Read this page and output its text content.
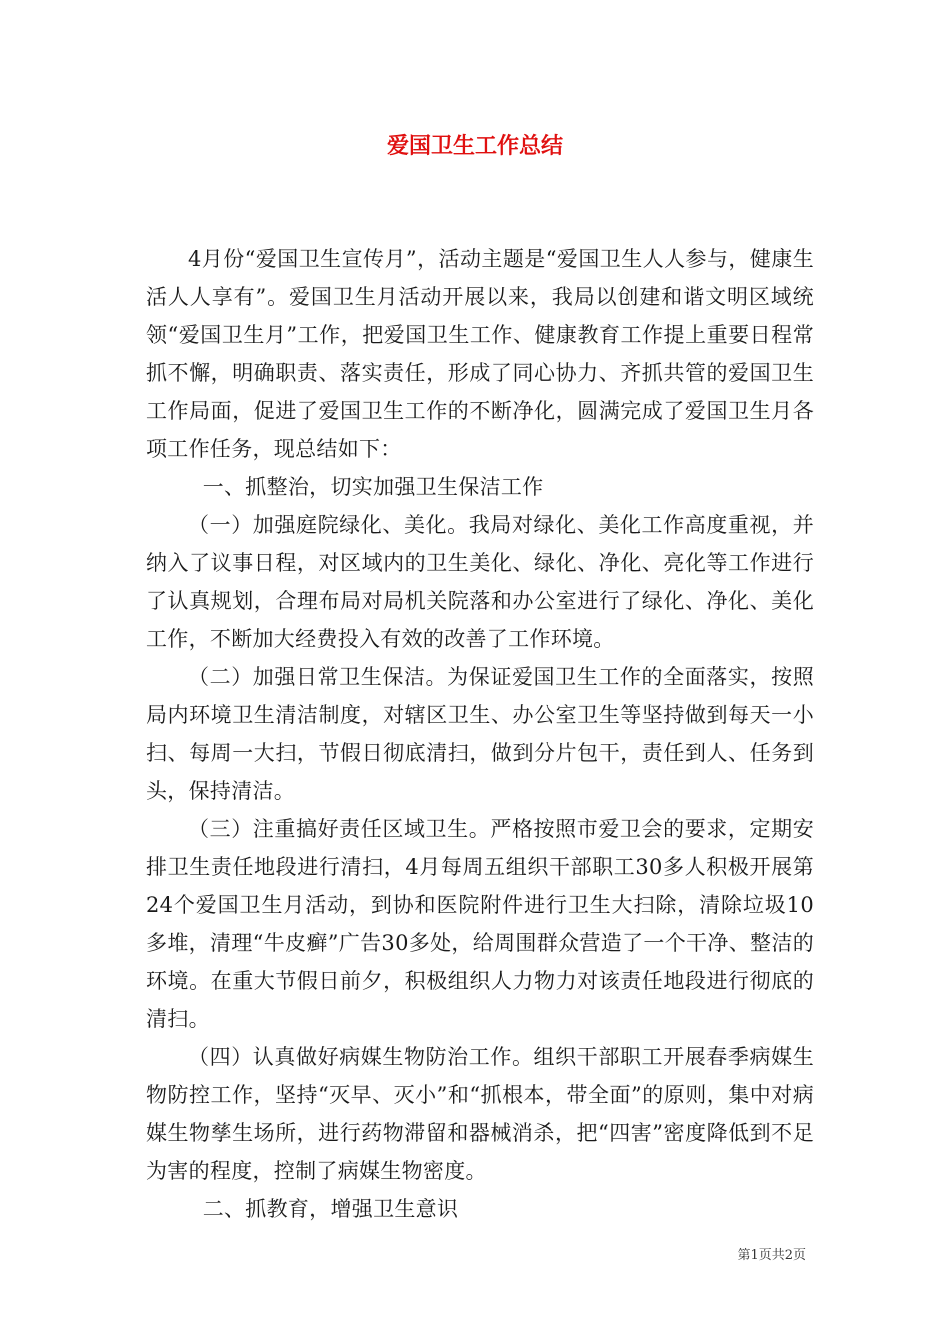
爱国卫生工作总结

4月份“爱国卫生宣传月”，活动主题是“爱国卫生人人参与，健康生活人人享有”。爱国卫生月活动开展以来，我局以创建和谐文明区域统领“爱国卫生月”工作，把爱国卫生工作、健康教育工作提上重要日程常抓不懈，明确职责、落实责任，形成了同心协力、齐抓共管的爱国卫生工作局面，促进了爱国卫生工作的不断净化，圆满完成了爱国卫生月各项工作任务，现总结如下：

一、抓整治，切实加强卫生保洁工作

（一）加强庭院绿化、美化。我局对绿化、美化工作高度重视，并纳入了议事日程，对区域内的卫生美化、绿化、净化、亮化等工作进行了认真规划，合理布局对局机关院落和办公室进行了绿化、净化、美化工作，不断加大经费投入有效的改善了工作环境。

（二）加强日常卫生保洁。为保证爱国卫生工作的全面落实，按照局内环境卫生清洁制度，对辖区卫生、办公室卫生等坚持做到每天一小扫、每周一大扫，节假日彻底清扫，做到分片包干，责任到人、任务到头，保持清洁。

（三）注重搞好责任区域卫生。严格按照市爱卫会的要求，定期安排卫生责任地段进行清扫，4月每周五组织干部职工30多人积极开展第24个爱国卫生月活动，到协和医院附件进行卫生大扫除，清除垃圾10多堆，清理“牛皮癣”广告30多处，给周围群众营造了一个干净、整洁的环境。在重大节假日前夕，积极组织人力物力对该责任地段进行彻底的清扫。

（四）认真做好病媒生物防治工作。组织干部职工开展春季病媒生物防控工作，坚持“灭早、灭小”和“抓根本，带全面”的原则，集中对病媒生物孳生场所，进行药物滞留和器械消杀，把“四害”密度降低到不足为害的程度，控制了病媒生物密度。

二、抓教育，增强卫生意识

第1页共2页
